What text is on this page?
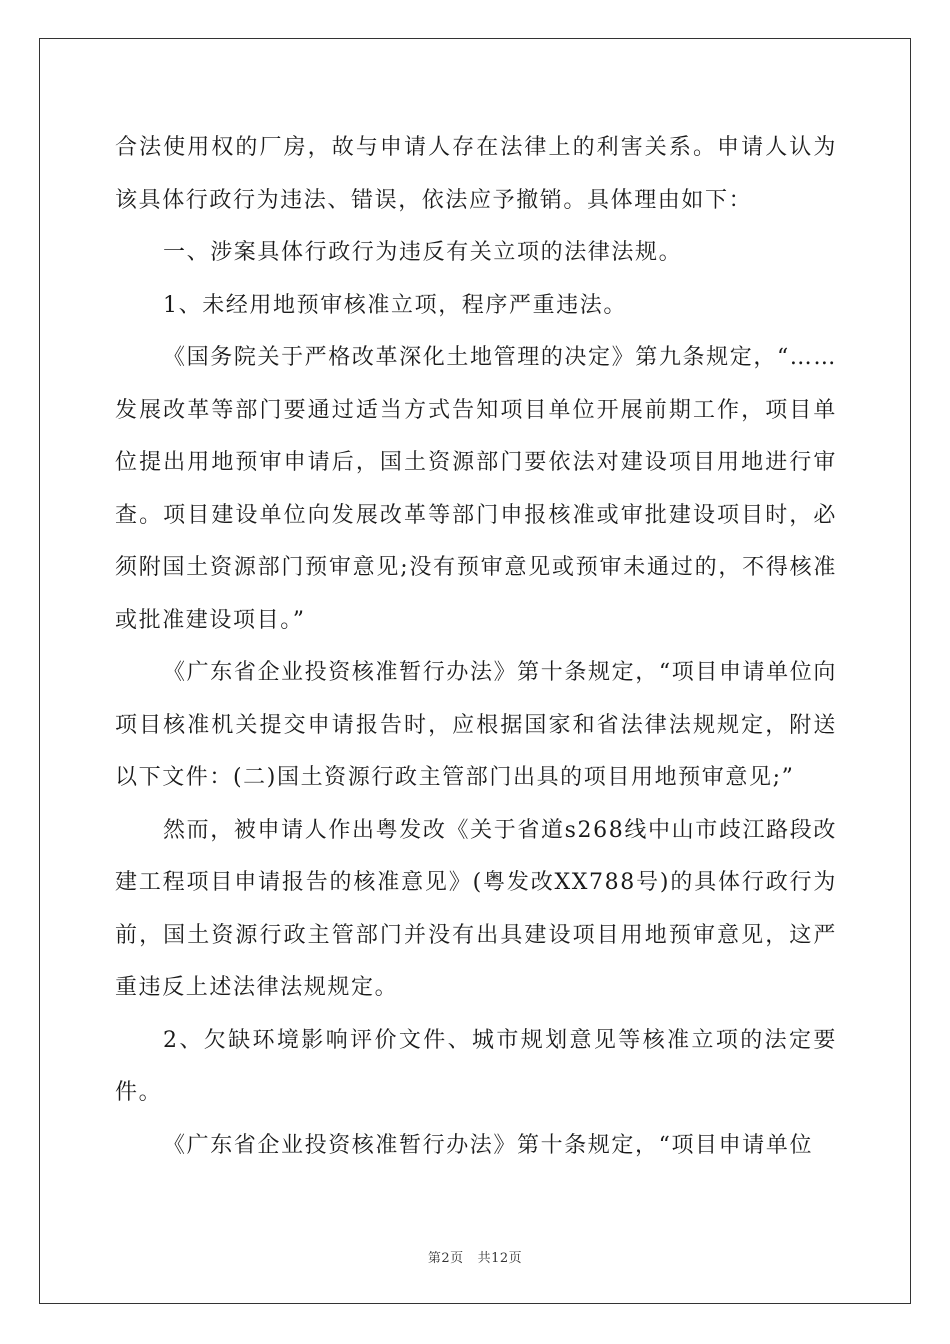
合法使用权的厂房，故与申请人存在法律上的利害关系。申请人认为该具体行政行为违法、错误，依法应予撤销。具体理由如下：

一、涉案具体行政行为违反有关立项的法律法规。

1、未经用地预审核准立项，程序严重违法。

《国务院关于严格改革深化土地管理的决定》第九条规定，“……发展改革等部门要通过适当方式告知项目单位开展前期工作，项目单位提出用地预审申请后，国土资源部门要依法对建设项目用地进行审查。项目建设单位向发展改革等部门申报核准或审批建设项目时，必须附国土资源部门预审意见;没有预审意见或预审未通过的，不得核准或批准建设项目。”

《广东省企业投资核准暂行办法》第十条规定，“项目申请单位向项目核准机关提交申请报告时，应根据国家和省法律法规规定，附送以下文件：(二)国土资源行政主管部门出具的项目用地预审意见;”

然而，被申请人作出粤发改《关于省道s268线中山市歧江路段改建工程项目申请报告的核准意见》(粤发改XX788号)的具体行政行为前，国土资源行政主管部门并没有出具建设项目用地预审意见，这严重违反上述法律法规规定。

2、欠缺环境影响评价文件、城市规划意见等核准立项的法定要件。

《广东省企业投资核准暂行办法》第十条规定，“项目申请单位

第2页 共12页
